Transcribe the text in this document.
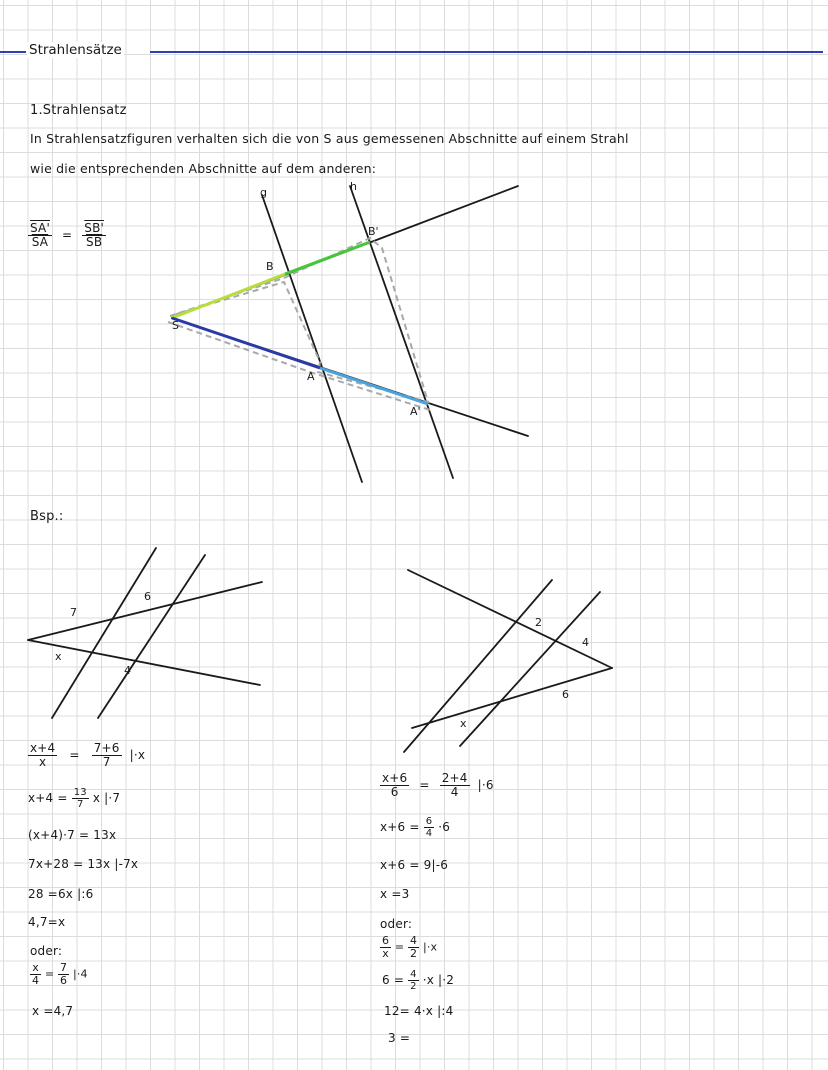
Strahlensätze
1.Strahlensatz
In Strahlensatzfiguren verhalten sich die von S aus gemessenen Abschnitte auf einem Strahl
wie die entsprechenden Abschnitte auf dem anderen:
$\frac{SA'}{SA} = \frac{SB'}{SB}$
g	h
S
B
B'
A
A'
Bsp.:
7
6
x
4
2
4
6
x
$\frac{x+4}{x} = \frac{7+6}{7} |\cdot x$
$x+4 = \frac{13}{7}$ x |·7
(x+4)·7 = 13x
7x+28 = 13x |-7x
28 =6x |:6
4,7=x
oder:
$\frac{x}{4} = \frac{7}{6} |\cdot 4$
x =4,7
$\frac{x+6}{6} = \frac{2+4}{4} |\cdot 6$
$x+6 = \frac{6}{4} \cdot 6$
x+6 = 9|-6
x =3
oder:
$\frac{6}{x} = \frac{4}{2} |\cdot x$
$6 = \frac{4}{2} \cdot x$ |·2
12= 4·x |:4
3 =
